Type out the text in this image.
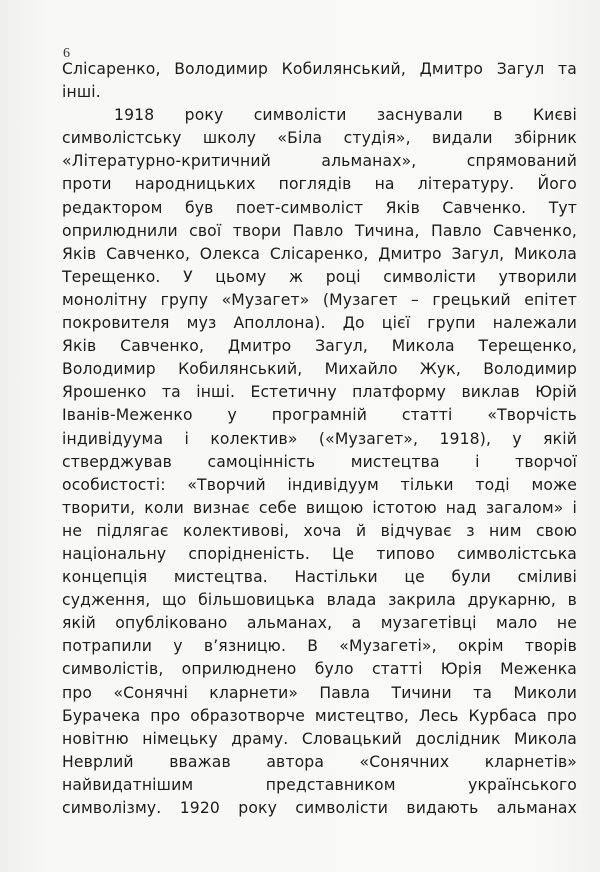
6
Слісаренко, Володимир Кобилянський, Дмитро Загул та
інші.
1918 року символісти заснували в Києві
символістську школу «Біла студія», видали збірник
«Літературно-критичний альманах», спрямований
проти народницьких поглядів на літературу. Його
редактором був поет-символіст Яків Савченко. Тут
оприлюднили свої твори Павло Тичина, Павло Савченко,
Яків Савченко, Олекса Слісаренко, Дмитро Загул, Микола
Терещенко. У цьому ж році символісти утворили
монолітну групу «Музагет» (Музагет – грецький епітет
покровителя муз Аполлона). До цієї групи належали
Яків Савченко, Дмитро Загул, Микола Терещенко,
Володимир Кобилянський, Михайло Жук, Володимир
Ярошенко та інші. Естетичну платформу виклав Юрій
Іванів-Меженко у програмній статті «Творчість
індивідуума і колектив» («Музагет», 1918), у якій
стверджував самоцінність мистецтва і творчої
особистості: «Творчий індивідуум тільки тоді може
творити, коли визнає себе вищою істотою над загалом» і
не підлягає колективові, хоча й відчуває з ним свою
національну спорідненість. Це типово символістська
концепція мистецтва. Настільки це були сміливі
судження, що більшовицька влада закрила друкарню, в
якій опубліковано альманах, а музагетівці мало не
потрапили у в’язницю. В «Музагеті», окрім творів
символістів, оприлюднено було статті Юрія Меженка
про «Сонячні кларнети» Павла Тичини та Миколи
Бурачека про образотворче мистецтво, Лесь Курбаса про
новітню німецьку драму. Словацький дослідник Микола
Неврлий вважав автора «Сонячних кларнетів»
найвидатнішим представником українського
символізму. 1920 року символісти видають альманах
